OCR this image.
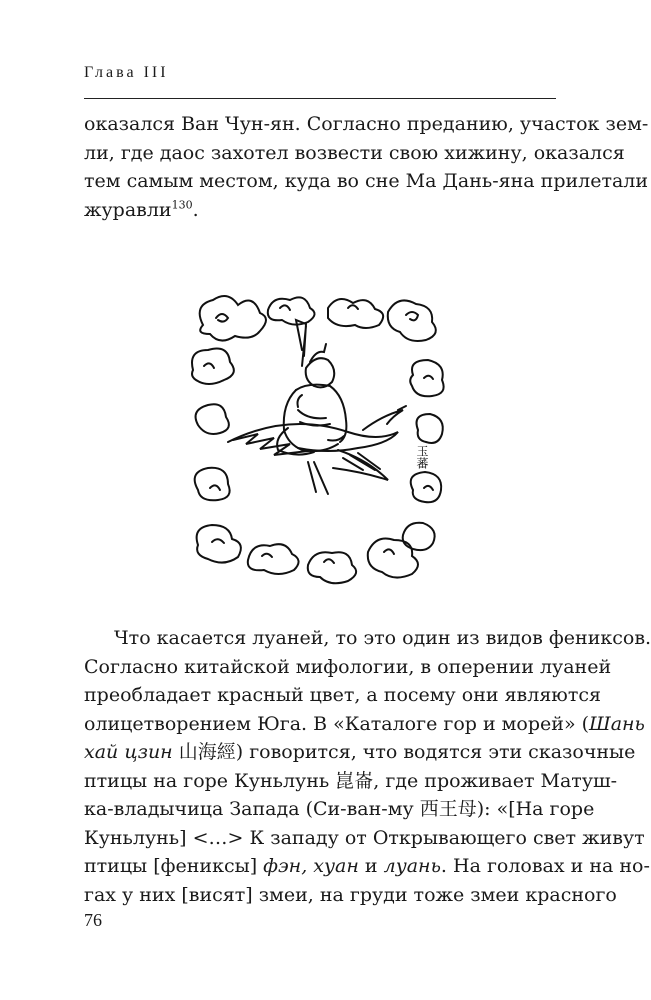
Глава III
оказался Ван Чун-ян. Согласно преданию, участок зем-
ли, где даос захотел возвести свою хижину, оказался
тем самым местом, куда во сне Ма Дань-яна прилетали
журавли$^{130}$.
玉蕃
Что касается луаней, то это один из видов фениксов.
Согласно китайской мифологии, в оперении луаней
преобладает красный цвет, а посему они являются
олицетворением Юга. В «Каталоге гор и морей» (Шань
хай цзин 山海經) говорится, что водятся эти сказочные
птицы на горе Куньлунь 崑崙, где проживает Матуш-
ка-владычица Запада (Си-ван-му 西王母): «[На горе
Куньлунь] <…> К западу от Открывающего свет живут
птицы [фениксы] фэн, хуан и луань. На головах и на но-
гах у них [висят] змеи, на груди тоже змеи красного
76
